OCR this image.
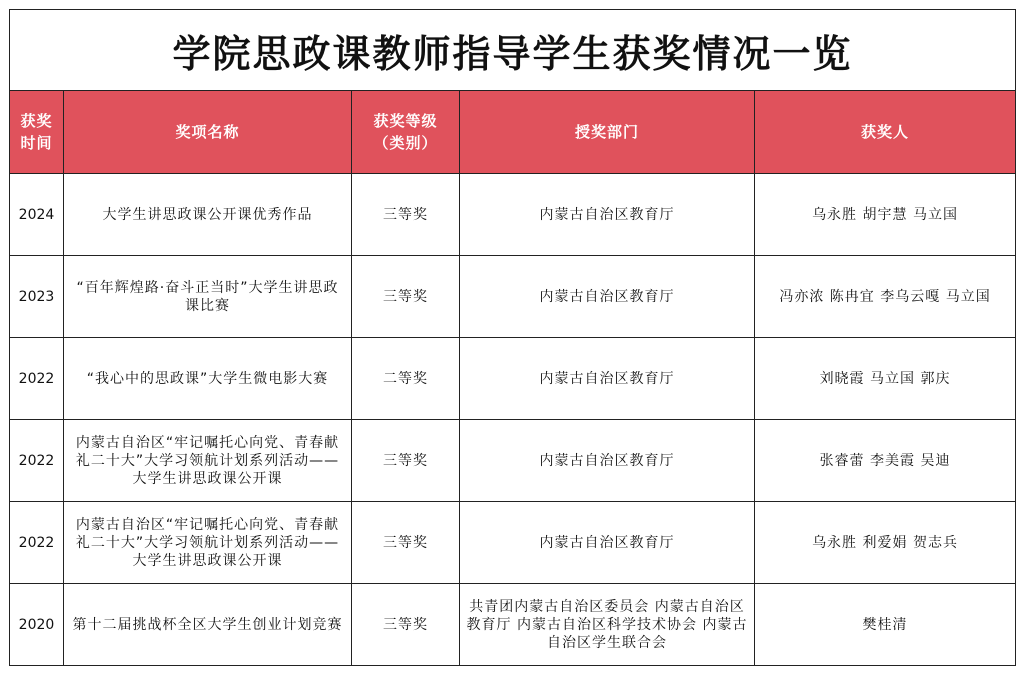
学院思政课教师指导学生获奖情况一览				
获奖时间	奖项名称	获奖等级（类别）	授奖部门	获奖人
2024	大学生讲思政课公开课优秀作品	三等奖	内蒙古自治区教育厅	乌永胜 胡宇慧 马立国
2023	“百年辉煌路·奋斗正当时”大学生讲思政课比赛	三等奖	内蒙古自治区教育厅	冯亦浓 陈冉宜 李乌云嘎 马立国
2022	“我心中的思政课”大学生微电影大赛	二等奖	内蒙古自治区教育厅	刘晓霞 马立国 郭庆
2022	内蒙古自治区“牢记嘱托心向党、青春献礼二十大”大学习领航计划系列活动——大学生讲思政课公开课	三等奖	内蒙古自治区教育厅	张睿蕾 李美霞 吴迪
2022	内蒙古自治区“牢记嘱托心向党、青春献礼二十大”大学习领航计划系列活动——大学生讲思政课公开课	三等奖	内蒙古自治区教育厅	乌永胜 利爱娟 贺志兵
2020	第十二届挑战杯全区大学生创业计划竞赛	三等奖	共青团内蒙古自治区委员会 内蒙古自治区教育厅 内蒙古自治区科学技术协会 内蒙古自治区学生联合会	樊桂清
